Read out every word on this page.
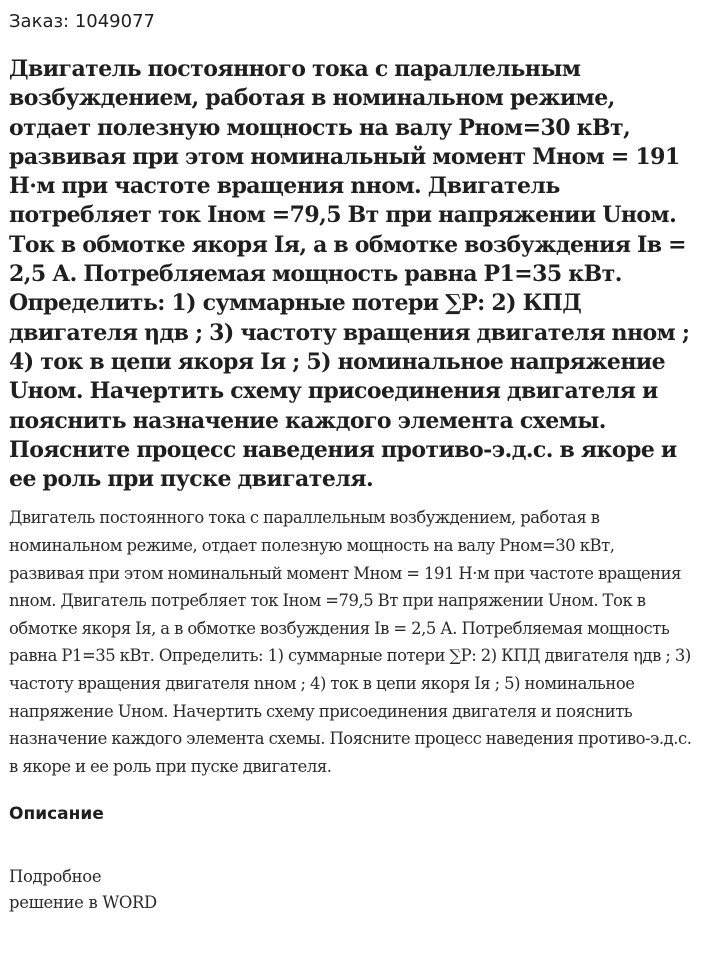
Заказ: 1049077

Двигатель постоянного тока с параллельным возбуждением, работая в номинальном режиме, отдает полезную мощность на валу Рном=30 кВт, развивая при этом номинальный момент Мном = 191 Н·м при частоте вращения nном. Двигатель потребляет ток Iном =79,5 Вт при напряжении Uном. Ток в обмотке якоря Iя, а в обмотке возбуждения Iв = 2,5 А. Потребляемая мощность равна Р1=35 кВт. Определить: 1) суммарные потери ∑Р: 2) КПД двигателя ηдв ; 3) частоту вращения двигателя nном ; 4) ток в цепи якоря Iя ; 5) номинальное напряжение Uном. Начертить схему присоединения двигателя и пояснить назначение каждого элемента схемы. Поясните процесс наведения противо-э.д.с. в якоре и ее роль при пуске двигателя.

Двигатель постоянного тока с параллельным возбуждением, работая в номинальном режиме, отдает полезную мощность на валу Рном=30 кВт, развивая при этом номинальный момент Мном = 191 Н·м при частоте вращения nном. Двигатель потребляет ток Iном =79,5 Вт при напряжении Uном. Ток в обмотке якоря Iя, а в обмотке возбуждения Iв = 2,5 А. Потребляемая мощность равна Р1=35 кВт. Определить: 1) суммарные потери ∑Р: 2) КПД двигателя ηдв ; 3) частоту вращения двигателя nном ; 4) ток в цепи якоря Iя ; 5) номинальное напряжение Uном. Начертить схему присоединения двигателя и пояснить назначение каждого элемента схемы. Поясните процесс наведения противо-э.д.с. в якоре и ее роль при пуске двигателя.

Описание

Подробное
решение в WORD
